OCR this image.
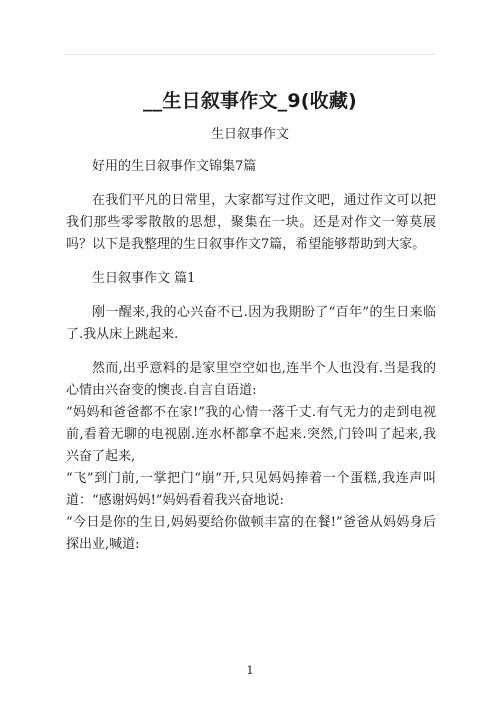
__生日叙事作文_9(收藏)
生日叙事作文

好用的生日叙事作文锦集7篇

在我们平凡的日常里，大家都写过作文吧，通过作文可以把我们那些零零散散的思想，聚集在一块。还是对作文一筹莫展吗？以下是我整理的生日叙事作文7篇，希望能够帮助到大家。

生日叙事作文 篇1

刚一醒来,我的心兴奋不已.因为我期盼了“百年”的生日来临了.我从床上跳起来.

然而,出乎意料的是家里空空如也,连半个人也没有.当是我的心情由兴奋变的懊丧.自言自语道:

“妈妈和爸爸都不在家!”我的心情一落千丈.有气无力的走到电视前,看着无聊的电视剧.连水杯都拿不起来.突然,门铃叫了起来,我兴奋了起来,

“飞”到门前,一掌把门“崩”开,只见妈妈捧着一个蛋糕,我连声叫道：“感谢妈妈!”妈妈看着我兴奋地说:

“今日是你的生日,妈妈要给你做顿丰富的在餐!”爸爸从妈妈身后探出业,喊道:

1
